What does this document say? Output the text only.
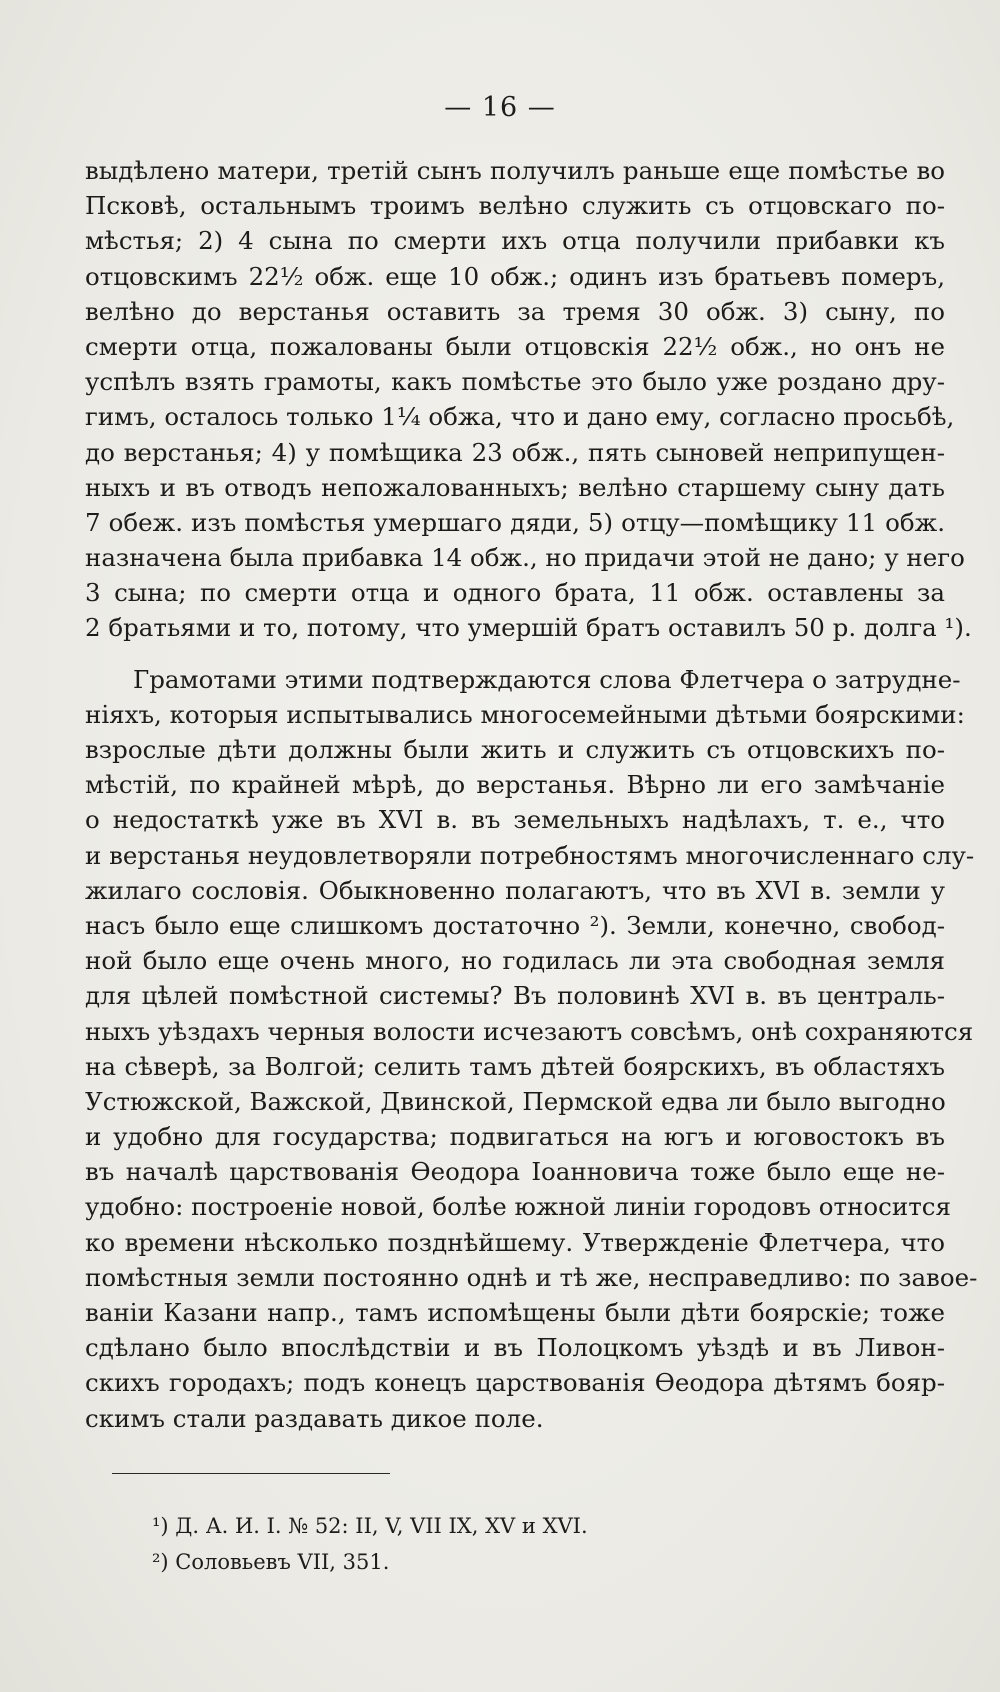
— 16 —
выдѣлено матери, третій сынъ получилъ раньше еще помѣстье во
Псковѣ, остальнымъ троимъ велѣно служить съ отцовскаго по-
мѣстья; 2) 4 сына по смерти ихъ отца получили прибавки къ
отцовскимъ 22½ обж. еще 10 обж.; одинъ изъ братьевъ померъ,
велѣно до верстанья оставить за тремя 30 обж. 3) сыну, по
смерти отца, пожалованы были отцовскія 22½ обж., но онъ не
успѣлъ взять грамоты, какъ помѣстье это было уже роздано дру-
гимъ, осталось только 1¼ обжа, что и дано ему, согласно просьбѣ,
до верстанья; 4) у помѣщика 23 обж., пять сыновей неприпущен-
ныхъ и въ отводъ непожалованныхъ; велѣно старшему сыну дать
7 обеж. изъ помѣстья умершаго дяди, 5) отцу—помѣщику 11 обж.
назначена была прибавка 14 обж., но придачи этой не дано; у него
3 сына; по смерти отца и одного брата, 11 обж. оставлены за
2 братьями и то, потому, что умершій братъ оставилъ 50 р. долга ¹).
Грамотами этими подтверждаются слова Флетчера о затрудне-
ніяхъ, которыя испытывались многосемейными дѣтьми боярскими:
взрослые дѣти должны были жить и служить съ отцовскихъ по-
мѣстій, по крайней мѣрѣ, до верстанья. Вѣрно ли его замѣчаніе
о недостаткѣ уже въ XVI в. въ земельныхъ надѣлахъ, т. е., что
и верстанья неудовлетворяли потребностямъ многочисленнаго слу-
жилаго сословія. Обыкновенно полагаютъ, что въ XVI в. земли у
насъ было еще слишкомъ достаточно ²). Земли, конечно, свобод-
ной было еще очень много, но годилась ли эта свободная земля
для цѣлей помѣстной системы? Въ половинѣ XVI в. въ централь-
ныхъ уѣздахъ черныя волости исчезаютъ совсѣмъ, онѣ сохраняются
на сѣверѣ, за Волгой; селить тамъ дѣтей боярскихъ, въ областяхъ
Устюжской, Важской, Двинской, Пермской едва ли было выгодно
и удобно для государства; подвигаться на югъ и юговостокъ въ
въ началѣ царствованія Ѳеодора Іоанновича тоже было еще не-
удобно: построеніе новой, болѣе южной линіи городовъ относится
ко времени нѣсколько позднѣйшему. Утвержденіе Флетчера, что
помѣстныя земли постоянно однѣ и тѣ же, несправедливо: по завое-
ваніи Казани напр., тамъ испомѣщены были дѣти боярскіе; тоже
сдѣлано было впослѣдствіи и въ Полоцкомъ уѣздѣ и въ Ливон-
скихъ городахъ; подъ конецъ царствованія Ѳеодора дѣтямъ бояр-
скимъ стали раздавать дикое поле.
¹) Д. А. И. I. № 52: II, V, VII IX, XV и XVI.
²) Соловьевъ VII, 351.
